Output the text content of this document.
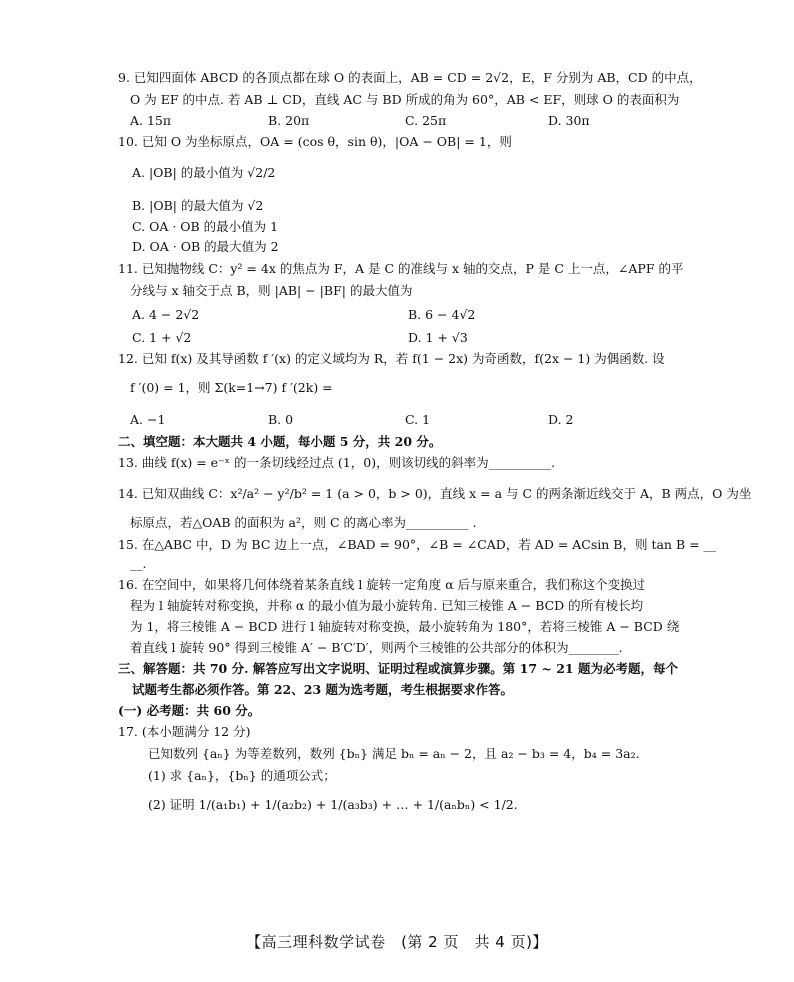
9. 已知四面体 ABCD 的各顶点都在球 O 的表面上，AB = CD = 2√2，E，F 分别为 AB，CD 的中点，
O 为 EF 的中点. 若 AB ⊥ CD，直线 AC 与 BD 所成的角为 60°，AB < EF，则球 O 的表面积为
A. 15π	B. 20π	C. 25π	D. 30π
10. 已知 O 为坐标原点，OA = (cos θ，sin θ)，|OA − OB| = 1，则
A. |OB| 的最小值为 √2/2
B. |OB| 的最大值为 √2
C. OA · OB 的最小值为 1
D. OA · OB 的最大值为 2
11. 已知抛物线 C：y² = 4x 的焦点为 F，A 是 C 的准线与 x 轴的交点，P 是 C 上一点，∠APF 的平
分线与 x 轴交于点 B，则 |AB| − |BF| 的最大值为
A. 4 − 2√2	B. 6 − 4√2
C. 1 + √2	D. 1 + √3
12. 已知 f(x) 及其导函数 f ′(x) 的定义域均为 R，若 f(1 − 2x) 为奇函数，f(2x − 1) 为偶函数. 设
f ′(0) = 1，则 Σ(k=1→7) f ′(2k) =
A. −1	B. 0	C. 1	D. 2
二、填空题：本大题共 4 小题，每小题 5 分，共 20 分。
13. 曲线 f(x) = e⁻ˣ 的一条切线经过点 (1，0)，则该切线的斜率为__________.
14. 已知双曲线 C：x²/a² − y²/b² = 1 (a > 0，b > 0)，直线 x = a 与 C 的两条渐近线交于 A，B 两点，O 为坐
标原点，若△OAB 的面积为 a²，则 C 的离心率为__________ .
15. 在△ABC 中，D 为 BC 边上一点，∠BAD = 90°，∠B = ∠CAD，若 AD = ACsin B，则 tan B = __
__.
16. 在空间中，如果将几何体绕着某条直线 l 旋转一定角度 α 后与原来重合，我们称这个变换过
程为 l 轴旋转对称变换，并称 α 的最小值为最小旋转角. 已知三棱锥 A − BCD 的所有棱长均
为 1，将三棱锥 A − BCD 进行 l 轴旋转对称变换，最小旋转角为 180°，若将三棱锥 A − BCD 绕
着直线 l 旋转 90° 得到三棱锥 A′ − B′C′D′，则两个三棱锥的公共部分的体积为________.
三、解答题：共 70 分. 解答应写出文字说明、证明过程或演算步骤。第 17 ~ 21 题为必考题，每个
试题考生都必须作答。第 22、23 题为选考题，考生根据要求作答。
(一) 必考题：共 60 分。
17. (本小题满分 12 分)
已知数列 {aₙ} 为等差数列，数列 {bₙ} 满足 bₙ = aₙ − 2，且 a₂ − b₃ = 4，b₄ = 3a₂.
(1) 求 {aₙ}，{bₙ} 的通项公式；
(2) 证明 1/(a₁b₁) + 1/(a₂b₂) + 1/(a₃b₃) + … + 1/(aₙbₙ) < 1/2.
【高三理科数学试卷　(第 2 页　共 4 页)】
